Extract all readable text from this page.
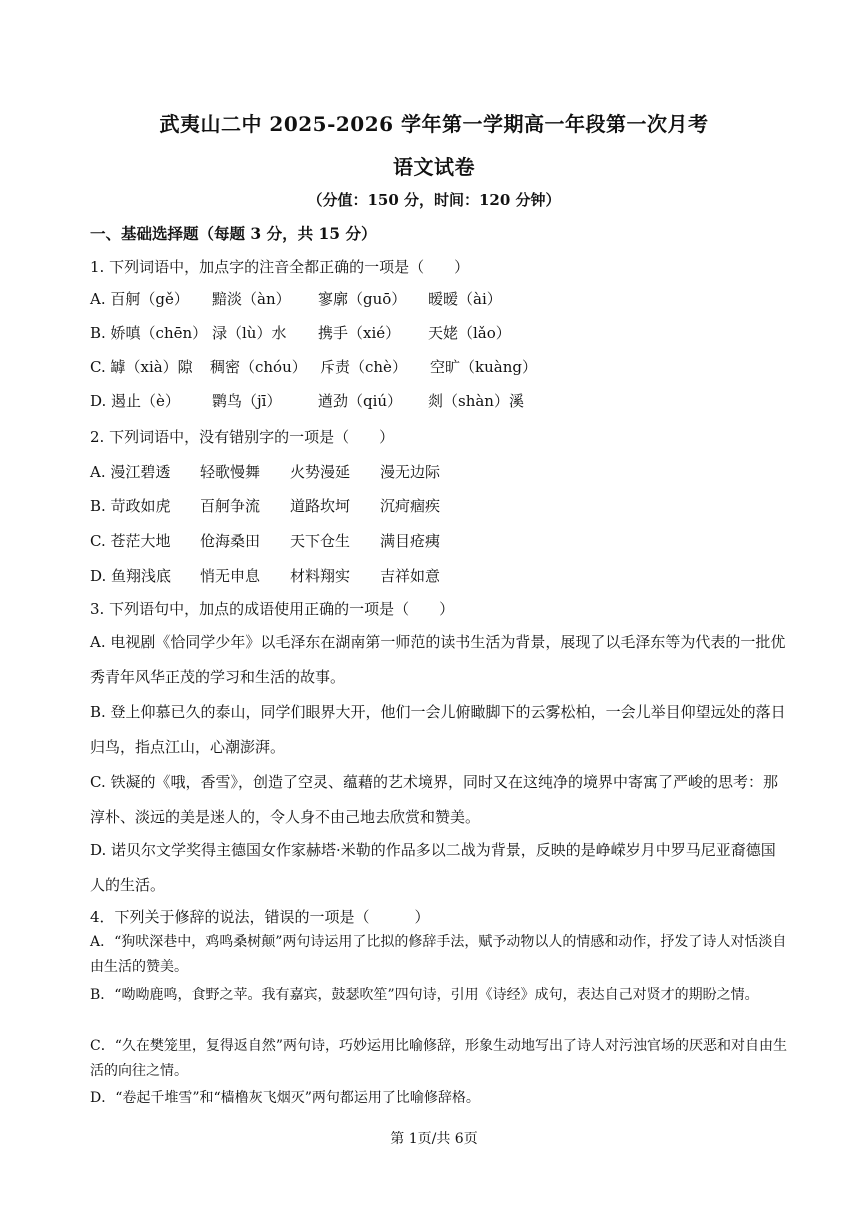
武夷山二中 2025-2026 学年第一学期高一年段第一次月考
语文试卷
（分值：150 分，时间：120 分钟）
一、基础选择题（每题 3 分，共 15 分）
1. 下列词语中，加点字的注音全都正确的一项是（　　）
A. 百舸（gě） 黯淡（àn） 寥廓（guō） 暧暧（ài）
B. 娇嗔（chēn） 渌（lù）水 携手（xié） 天姥（lǎo）
C. 罅（xià）隙 稠密（chóu） 斥责（chè） 空旷（kuàng）
D. 遏止（è） 鹮鸟（jī） 遒劲（qiú） 剡（shàn）溪
2. 下列词语中，没有错别字的一项是（　　）
A. 漫江碧透 轻歌慢舞 火势漫延 漫无边际
B. 苛政如虎 百舸争流 道路坎坷 沉疴痼疾
C. 苍茫大地 伧海桑田 天下仓生 满目疮痍
D. 鱼翔浅底 悄无申息 材料翔实 吉祥如意
3. 下列语句中，加点的成语使用正确的一项是（　　）
A. 电视剧《恰同学少年》以毛泽东在湖南第一师范的读书生活为背景，展现了以毛泽东等为代表的一批优秀青年风华正茂的学习和生活的故事。
B. 登上仰慕已久的泰山，同学们眼界大开，他们一会儿俯瞰脚下的云雾松柏，一会儿举目仰望远处的落日归鸟，指点江山，心潮澎湃。
C. 铁凝的《哦，香雪》，创造了空灵、蕴藉的艺术境界，同时又在这纯净的境界中寄寓了严峻的思考：那淳朴、淡远的美是迷人的，令人身不由己地去欣赏和赞美。
D. 诺贝尔文学奖得主德国女作家赫塔·米勒的作品多以二战为背景，反映的是峥嵘岁月中罗马尼亚裔德国人的生活。
4．下列关于修辞的说法，错误的一项是（　　　）
A．“狗吠深巷中，鸡鸣桑树颠”两句诗运用了比拟的修辞手法，赋予动物以人的情感和动作，抒发了诗人对恬淡自由生活的赞美。
B．“呦呦鹿鸣，食野之苹。我有嘉宾，鼓瑟吹笙”四句诗，引用《诗经》成句，表达自己对贤才的期盼之情。
C．“久在樊笼里，复得返自然”两句诗，巧妙运用比喻修辞，形象生动地写出了诗人对污浊官场的厌恶和对自由生活的向往之情。
D．“卷起千堆雪”和“樯橹灰飞烟灭”两句都运用了比喻修辞格。
第 1页/共 6页
